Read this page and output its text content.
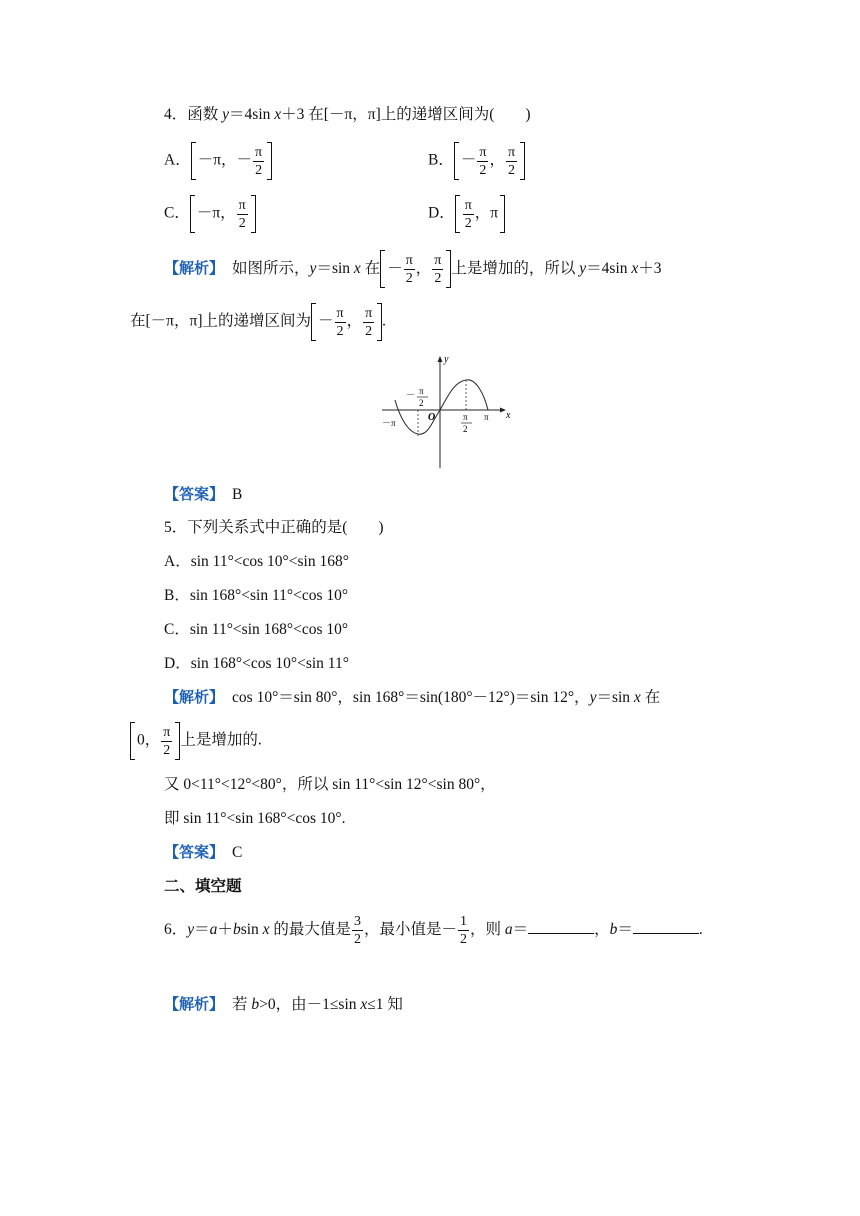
4．函数 y＝4sin x＋3 在[－π，π]上的递增区间为(　　)
A． －π，－ $\frac{\pi}{2}$	B． － $\frac{\pi}{2}$ ， $\frac{\pi}{2}$
C． －π， $\frac{\pi}{2}$	D． $\frac{\pi}{2}$ ，π
【解析】　 如图所示，y＝sin x 在 － $\frac{\pi}{2}$ ， $\frac{\pi}{2}$ 上是增加的，所以 y＝4sin x＋3
在[－π，π]上的递增区间为 － $\frac{\pi}{2}$ ， $\frac{\pi}{2}$ .
y
x
O
－π
π
－ π
2
π
2
【答案】　 B
5．下列关系式中正确的是(　　)
A．sin 11°<cos 10°<sin 168°
B．sin 168°<sin 11°<cos 10°
C．sin 11°<sin 168°<cos 10°
D．sin 168°<cos 10°<sin 11°
【解析】　 cos 10°＝sin 80°，sin 168°＝sin(180°－12°)＝sin 12°，y＝sin x 在
0， $\frac{\pi}{2}$ 上是增加的.
又 0<11°<12°<80°，所以 sin 11°<sin 12°<sin 80°，
即 sin 11°<sin 168°<cos 10°.
【答案】　 C
二、填空题
6．y＝a＋bsin x 的最大值是 $\frac{3}{2}$ ，最小值是－ $\frac{1}{2}$ ，则 a＝	，b＝	.
【解析】　 若 b>0，由－1≤sin x≤1 知
